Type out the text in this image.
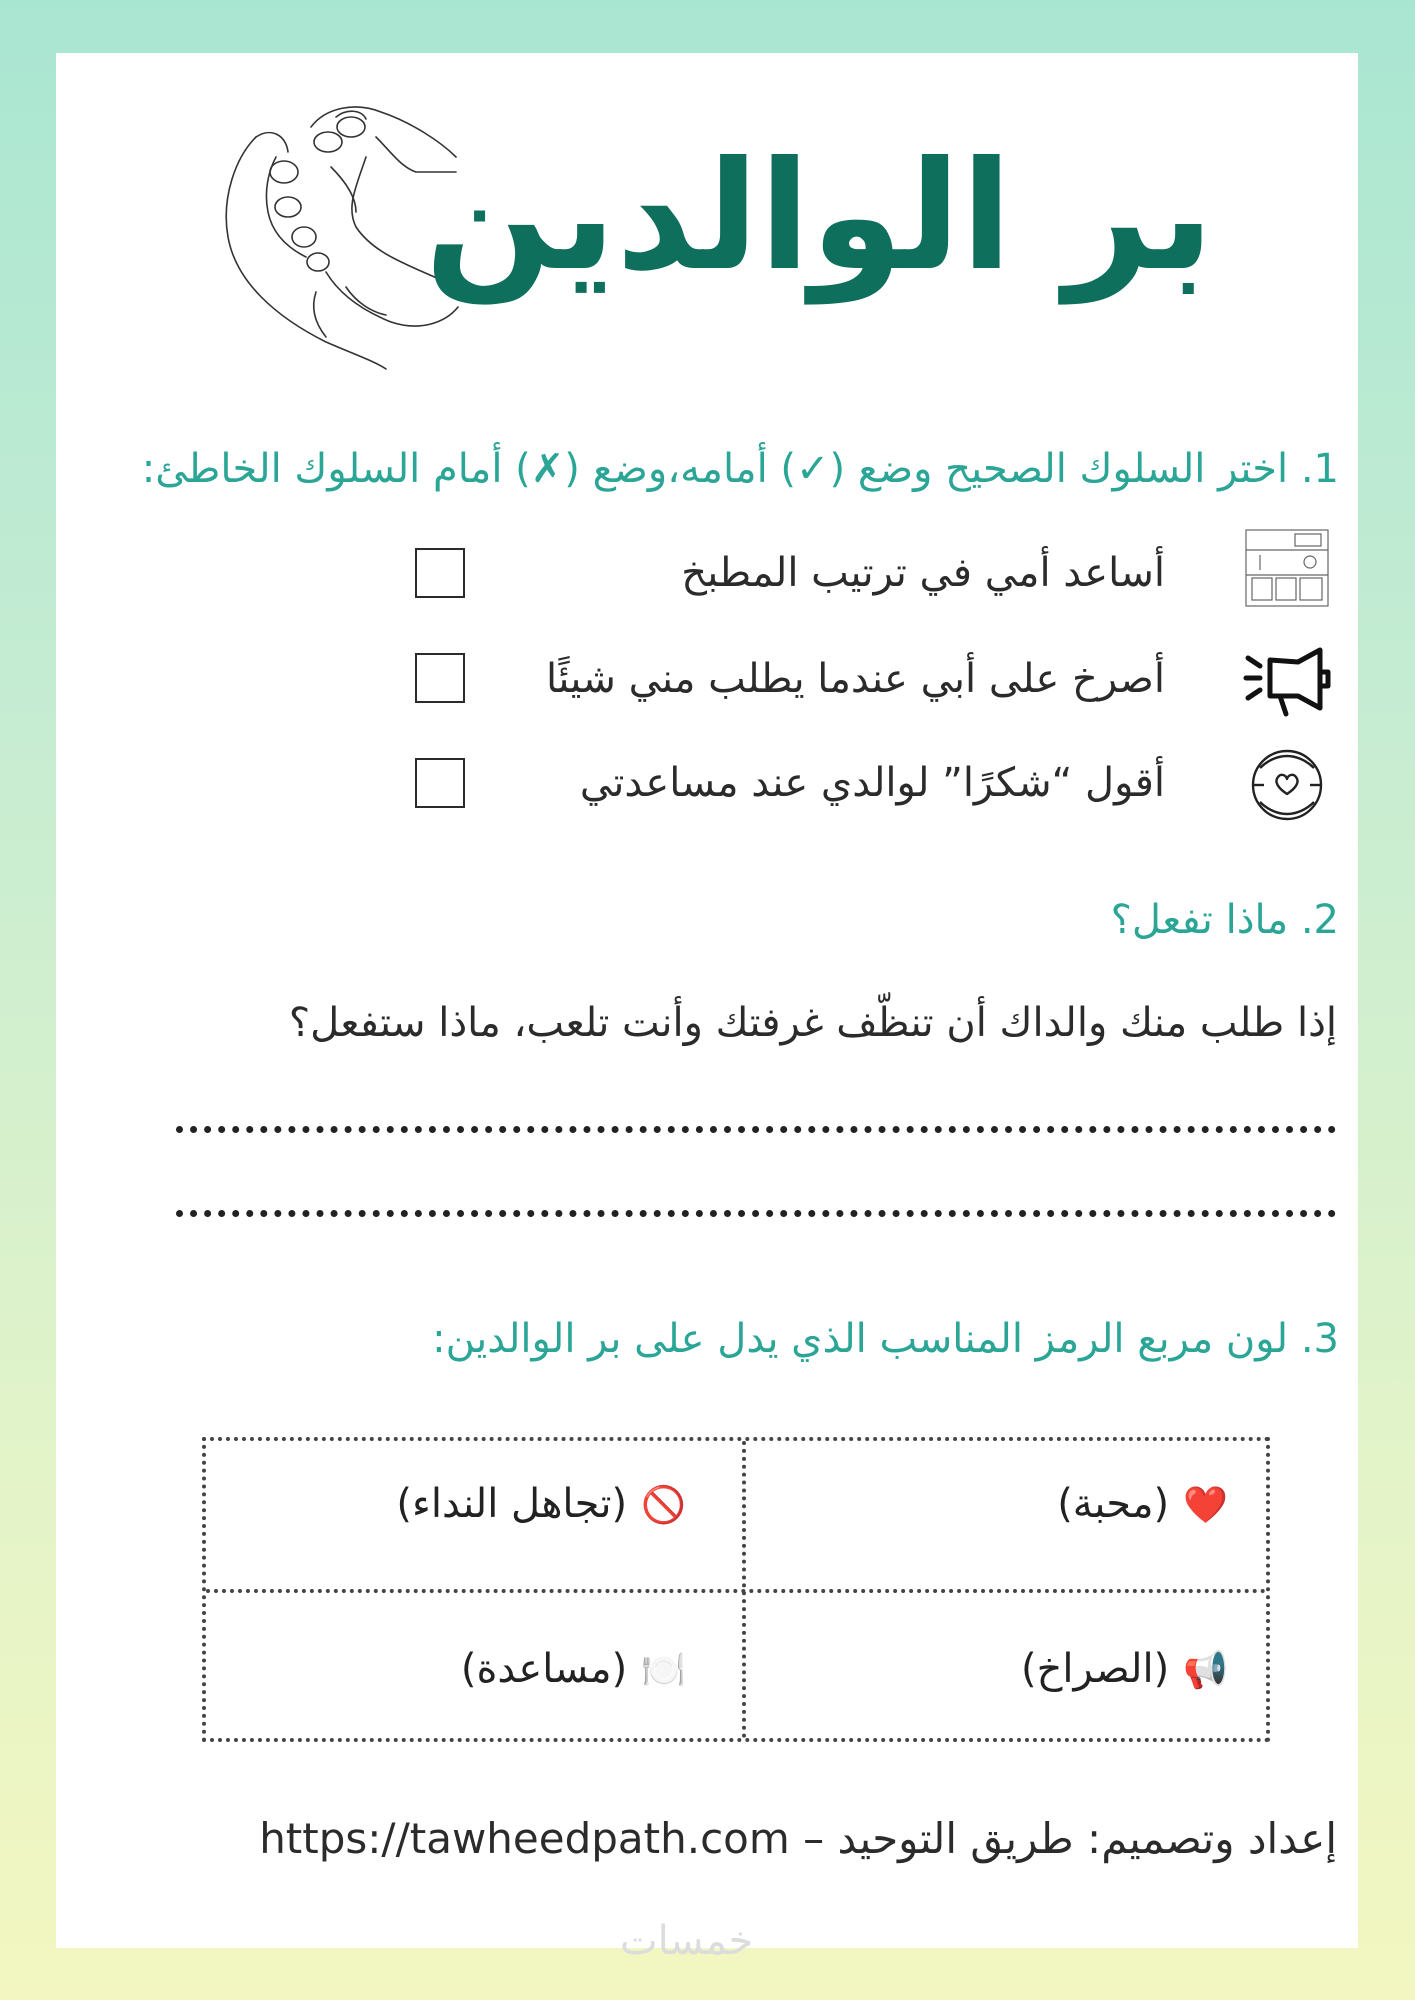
بر الوالدين
1. اختر السلوك الصحيح وضع (✓) أمامه،وضع (✗) أمام السلوك الخاطئ:
أساعد أمي في ترتيب المطبخ
أصرخ على أبي عندما يطلب مني شيئًا
أقول “شكرًا” لوالدي عند مساعدتي
2. ماذا تفعل؟
إذا طلب منك والداك أن تنظّف غرفتك وأنت تلعب، ماذا ستفعل؟
3. لون مربع الرمز المناسب الذي يدل على بر الوالدين:
❤️(محبة)
🚫(تجاهل النداء)
📢(الصراخ)
🍽️(مساعدة)
إعداد وتصميم: طريق التوحيد – https://tawheedpath.com
خمسات
